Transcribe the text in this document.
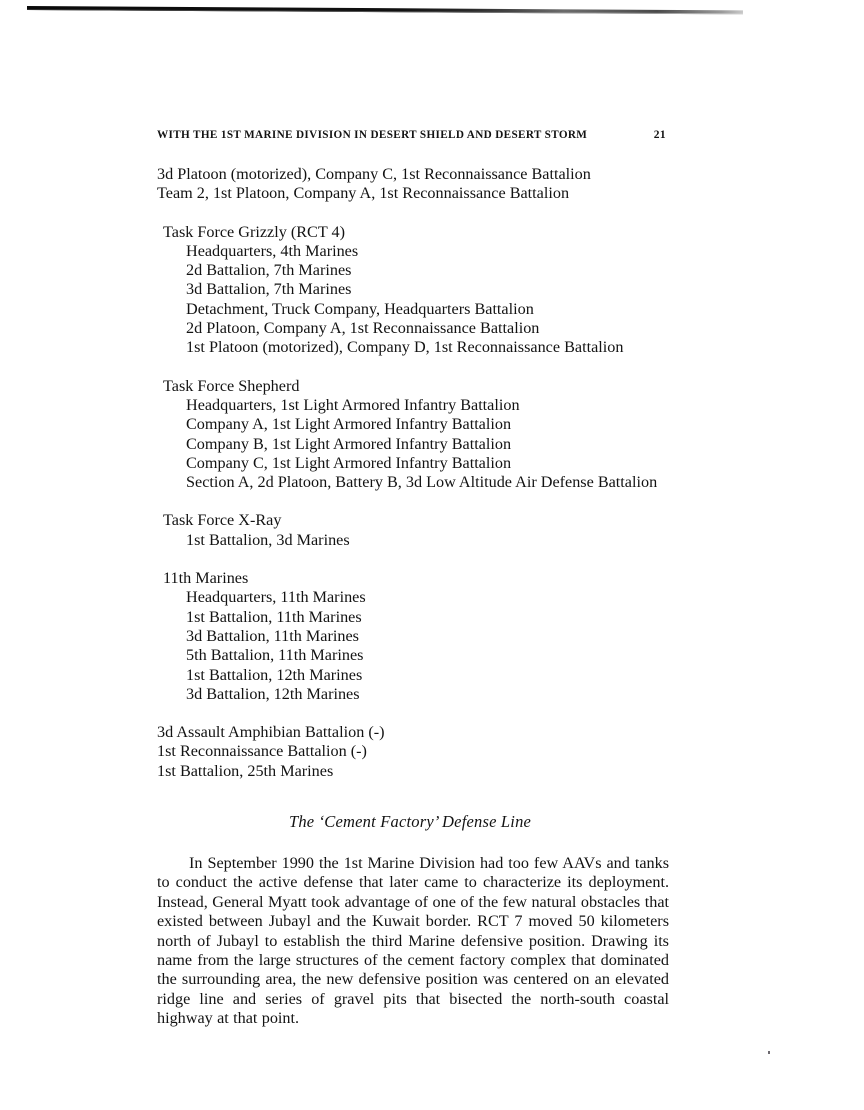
WITH THE 1ST MARINE DIVISION IN DESERT SHIELD AND DESERT STORM	21
3d Platoon (motorized), Company C, 1st Reconnaissance Battalion
Team 2, 1st Platoon, Company A, 1st Reconnaissance Battalion
Task Force Grizzly (RCT 4)
Headquarters, 4th Marines
2d Battalion, 7th Marines
3d Battalion, 7th Marines
Detachment, Truck Company, Headquarters Battalion
2d Platoon, Company A, 1st Reconnaissance Battalion
1st Platoon (motorized), Company D, 1st Reconnaissance Battalion
Task Force Shepherd
Headquarters, 1st Light Armored Infantry Battalion
Company A, 1st Light Armored Infantry Battalion
Company B, 1st Light Armored Infantry Battalion
Company C, 1st Light Armored Infantry Battalion
Section A, 2d Platoon, Battery B, 3d Low Altitude Air Defense Battalion
Task Force X-Ray
1st Battalion, 3d Marines
11th Marines
Headquarters, 11th Marines
1st Battalion, 11th Marines
3d Battalion, 11th Marines
5th Battalion, 11th Marines
1st Battalion, 12th Marines
3d Battalion, 12th Marines
3d Assault Amphibian Battalion (-)
1st Reconnaissance Battalion (-)
1st Battalion, 25th Marines
The ‘Cement Factory’ Defense Line

In September 1990 the 1st Marine Division had too few AAVs and tanks to conduct the active defense that later came to characterize its deployment. Instead, General Myatt took advantage of one of the few natural obstacles that existed between Jubayl and the Kuwait border. RCT 7 moved 50 kilometers north of Jubayl to establish the third Marine defensive position. Drawing its name from the large structures of the cement factory complex that dominated the surrounding area, the new defensive position was centered on an elevated ridge line and series of gravel pits that bisected the north-south coastal highway at that point.
